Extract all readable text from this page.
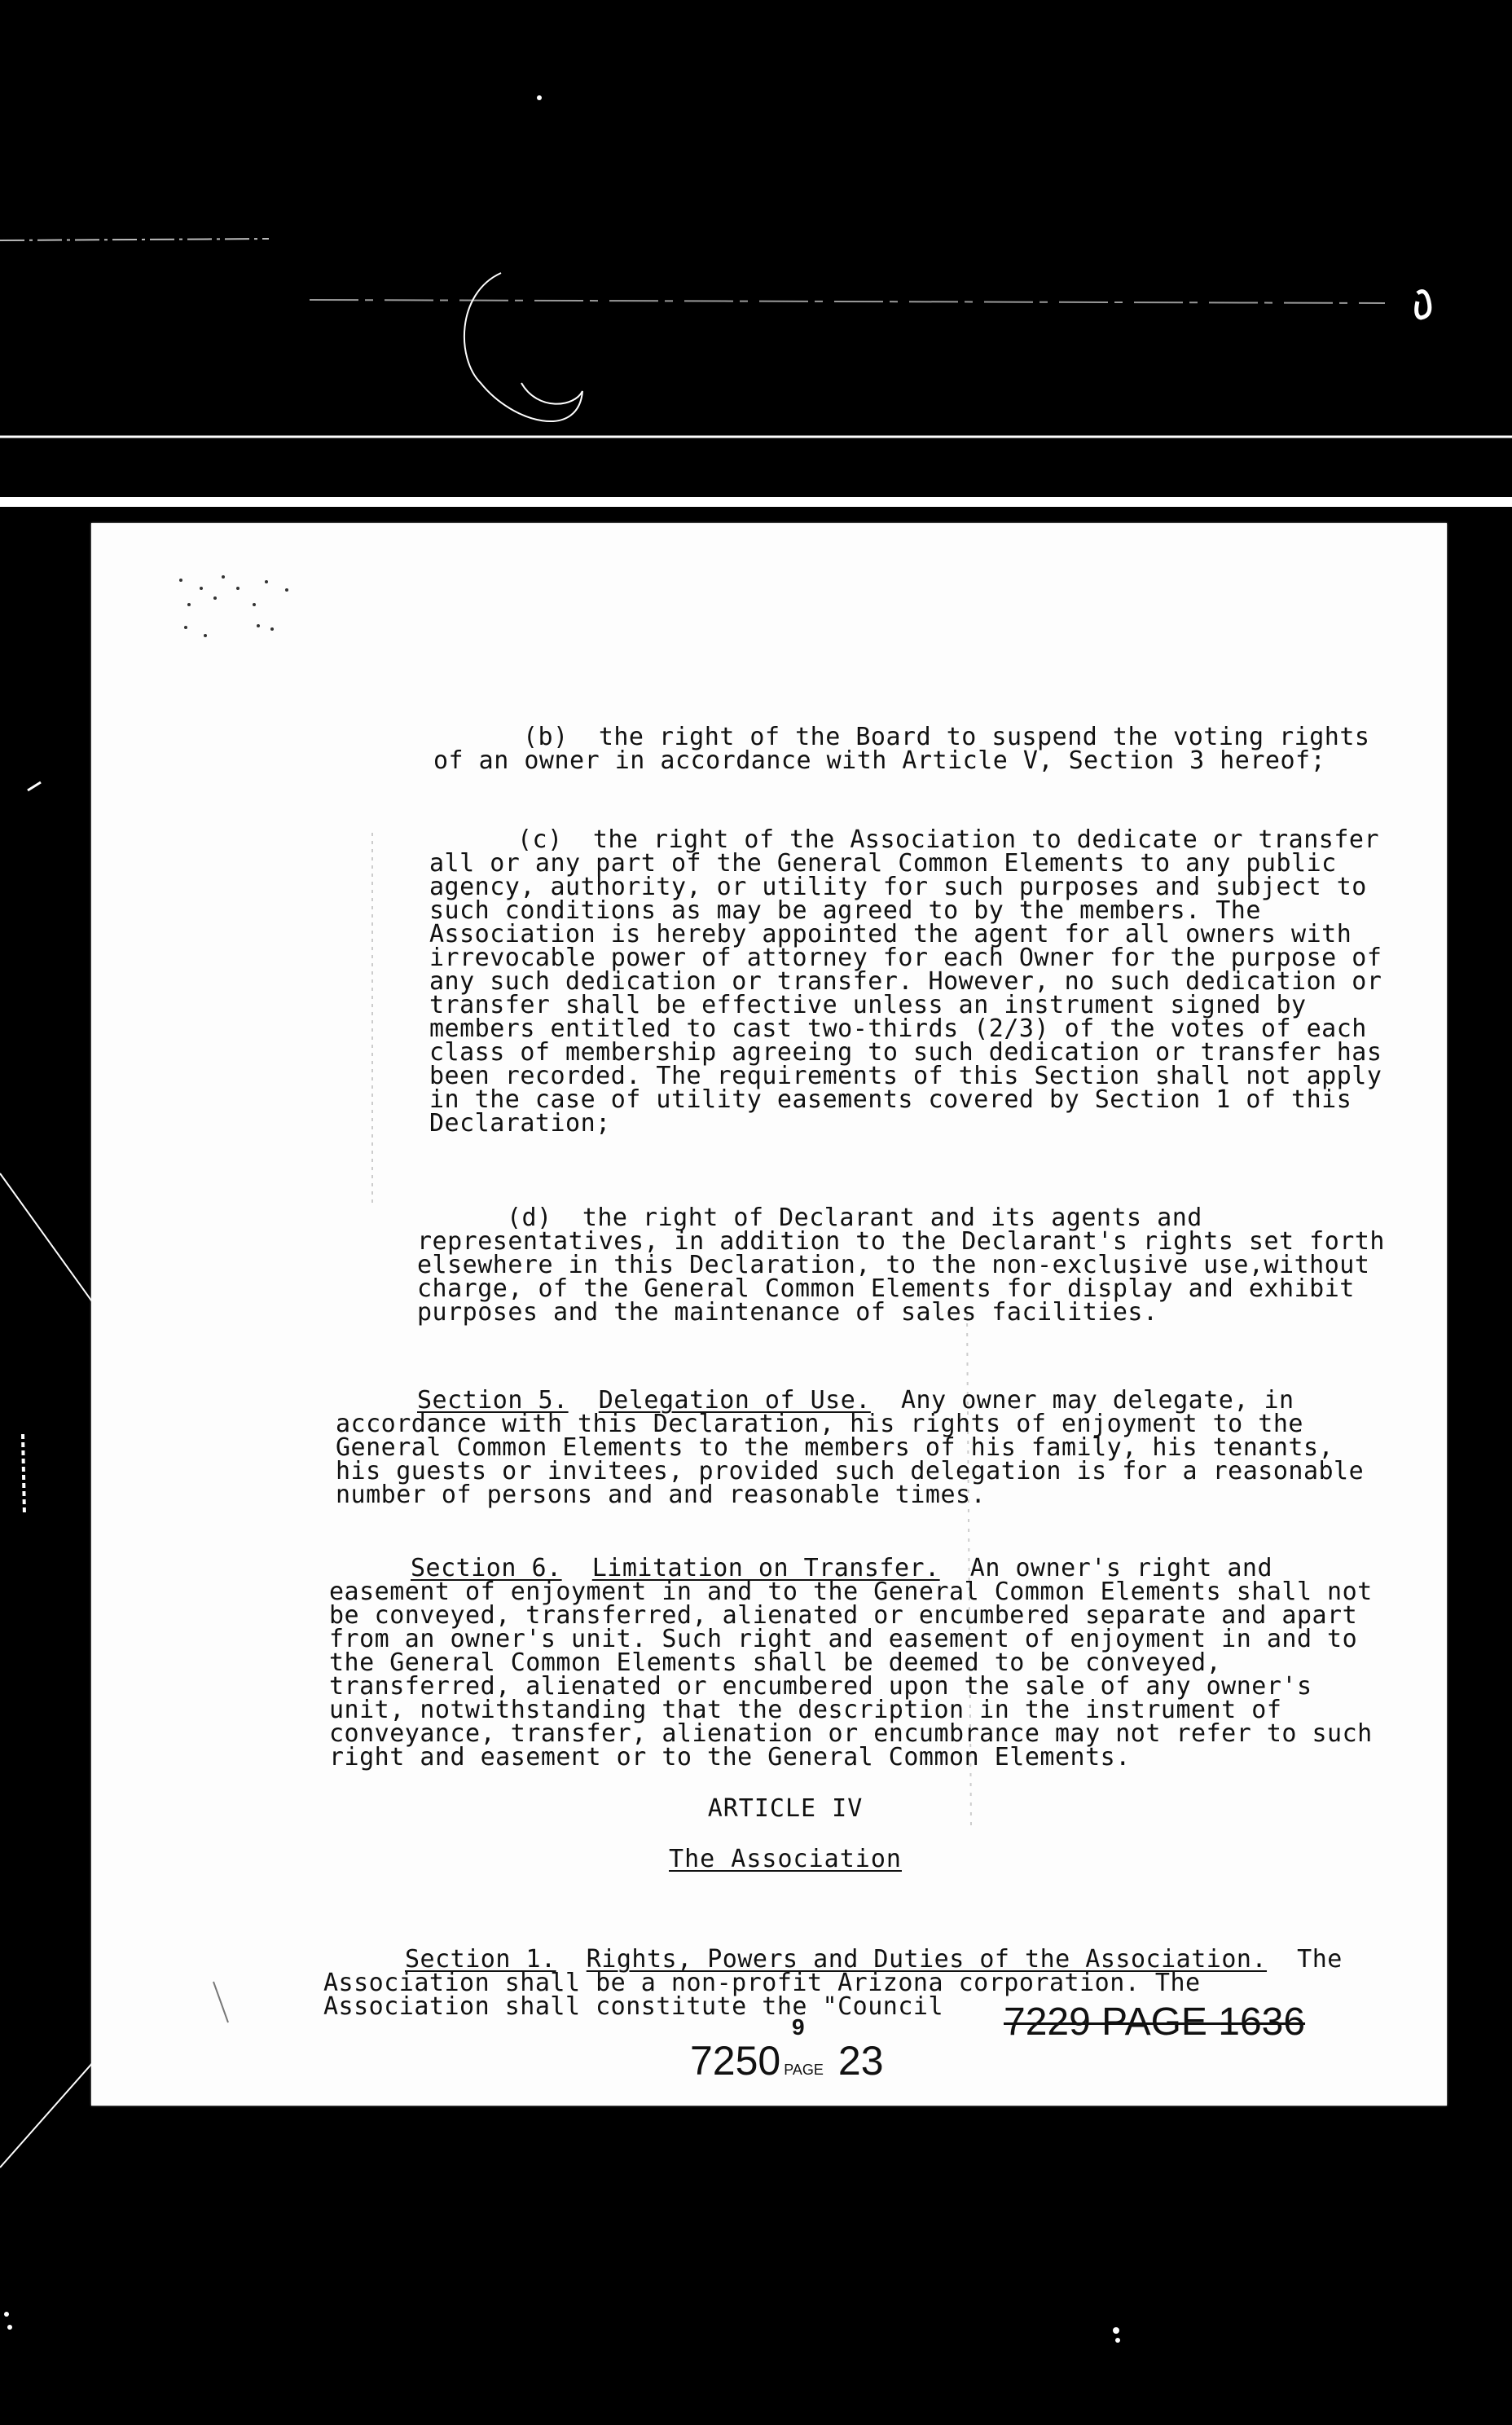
(b) the right of the Board to suspend the voting rights of an owner in accordance with Article V, Section 3 hereof;

(c) the right of the Association to dedicate or transfer all or any part of the General Common Elements to any public agency, authority, or utility for such purposes and subject to such conditions as may be agreed to by the members. The Association is hereby appointed the agent for all owners with irrevocable power of attorney for each Owner for the purpose of any such dedication or transfer. However, no such dedication or transfer shall be effective unless an instrument signed by members entitled to cast two-thirds (2/3) of the votes of each class of membership agreeing to such dedication or transfer has been recorded. The requirements of this Section shall not apply in the case of utility easements covered by Section 1 of this Declaration;

(d) the right of Declarant and its agents and representatives, in addition to the Declarant's rights set forth elsewhere in this Declaration, to the non-exclusive use,without charge, of the General Common Elements for display and exhibit purposes and the maintenance of sales facilities.

Section 5. Delegation of Use. Any owner may delegate, in accordance with this Declaration, his rights of enjoyment to the General Common Elements to the members of his family, his tenants, his guests or invitees, provided such delegation is for a reasonable number of persons and and reasonable times.

Section 6. Limitation on Transfer. An owner's right and easement of enjoyment in and to the General Common Elements shall not be conveyed, transferred, alienated or encumbered separate and apart from an owner's unit. Such right and easement of enjoyment in and to the General Common Elements shall be deemed to be conveyed, transferred, alienated or encumbered upon the sale of any owner's unit, notwithstanding that the description in the instrument of conveyance, transfer, alienation or encumbrance may not refer to such right and easement or to the General Common Elements.

ARTICLE IV
The Association

Section 1. Rights, Powers and Duties of the Association. The Association shall be a non-profit Arizona corporation. The Association shall constitute the "Council

9	7229 PAGE 1636
7250 PAGE 23
